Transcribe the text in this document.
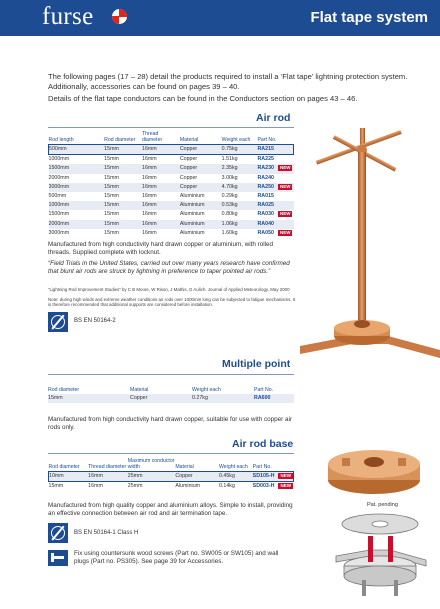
furse	Flat tape system

The following pages (17 – 28) detail the products required to install a ‘Flat tape’ lightning protection system. Additionally, accessories can be found on pages 39 – 40.

Details of the flat tape conductors can be found in the Conductors section on pages 43 – 46.

Air rod
Rod length	Rod diameter	Thread diameter	Material	Weight each	Part No.
500mm	15mm	16mm	Copper	0.75kg	RA215
1000mm	15mm	16mm	Copper	1.51kg	RA225
1500mm	15mm	16mm	Copper	2.35kg	RA230 NEW
2000mm	15mm	16mm	Copper	3.00kg	RA240
3000mm	15mm	16mm	Copper	4.70kg	RA250 NEW
500mm	15mm	16mm	Aluminium	0.29kg	RA015
1000mm	15mm	16mm	Aluminium	0.53kg	RA025
1500mm	15mm	16mm	Aluminium	0.80kg	RA030 NEW
2000mm	15mm	16mm	Aluminium	1.06kg	RA040
3000mm	15mm	16mm	Aluminium	1.60kg	RA050 NEW
Manufactured from high conductivity hard drawn copper or aluminium, with rolled threads. Supplied complete with locknut.
“Field Trials in the United States, carried out over many years research have confirmed that blunt air rods are struck by lightning in preference to taper pointed air rods.”
“Lightning Rod Improvement Studies” by C B Moore, W Rison, J Mathis, G Aulich. Journal of Applied Meteorology, May 2000
Note: during high winds and extreme weather conditions air rods over 1000mm long can be subjected to fatigue mechanisms. It is therefore recommended that additional supports are considered before installation.
BS EN 50164-2
Multiple point
Rod diameter	Material	Weight each	Part No.
15mm	Copper	0.27kg	RA600
Manufactured from high conductivity hard drawn copper, suitable for use with copper air rods only.
Air rod base
Rod diameter	Thread diameter	Maximum conductor width	Material	Weight each	Part No.
10mm	16mm	25mm	Copper	0.45kg	SD105-H NEW
15mm	16mm	25mm	Aluminium	0.14kg	SD003-H NEW
Manufactured from high quality copper and aluminium alloys. Simple to install, providing an effective connection between air rod and air termination tape.
BS EN 50164-1 Class H
Fix using countersunk wood screws (Part no. SW005 or SW105) and wall plugs (Part no. PS305). See page 39 for Accessories.
Pat. pending
